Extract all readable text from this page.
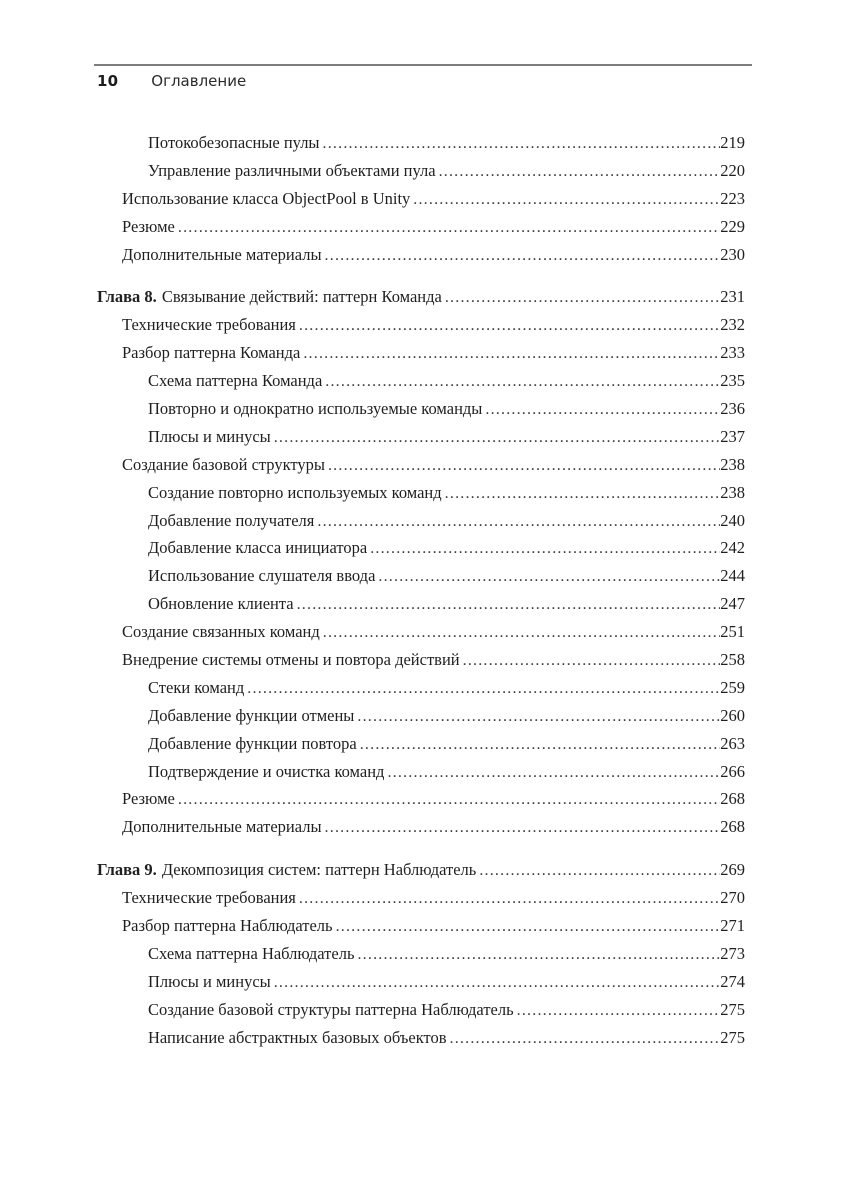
10 Оглавление
Потокобезопасные пулы .....	219
Управление различными объектами пула .....	220
Использование класса ObjectPool в Unity .....	223
Резюме .....	229
Дополнительные материалы .....	230
Глава 8. Связывание действий: паттерн Команда .....	231
Технические требования .....	232
Разбор паттерна Команда .....	233
Схема паттерна Команда .....	235
Повторно и однократно используемые команды .....	236
Плюсы и минусы .....	237
Создание базовой структуры .....	238
Создание повторно используемых команд .....	238
Добавление получателя .....	240
Добавление класса инициатора .....	242
Использование слушателя ввода .....	244
Обновление клиента .....	247
Создание связанных команд .....	251
Внедрение системы отмены и повтора действий .....	258
Стеки команд .....	259
Добавление функции отмены .....	260
Добавление функции повтора .....	263
Подтверждение и очистка команд .....	266
Резюме .....	268
Дополнительные материалы .....	268
Глава 9. Декомпозиция систем: паттерн Наблюдатель .....	269
Технические требования .....	270
Разбор паттерна Наблюдатель .....	271
Схема паттерна Наблюдатель .....	273
Плюсы и минусы .....	274
Создание базовой структуры паттерна Наблюдатель .....	275
Написание абстрактных базовых объектов .....	275
